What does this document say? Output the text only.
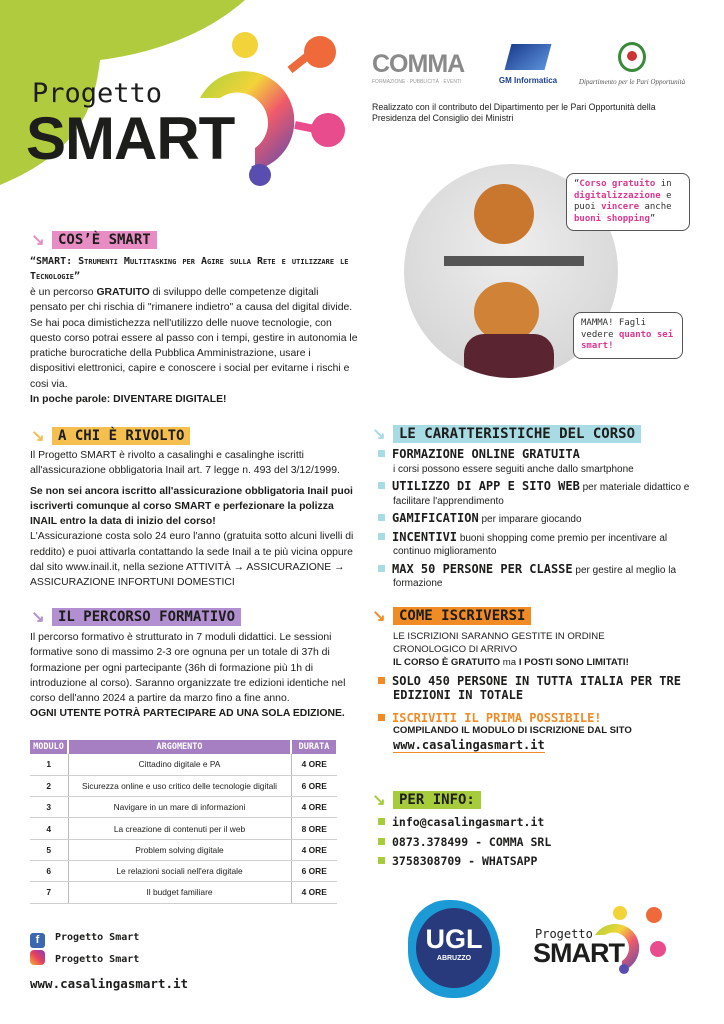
Progetto
SMART
COMMA
FORMAZIONE · PUBBLICITÀ · EVENTI	GM Informatica	Dipartimento per le Pari Opportunità
Realizzato con il contributo del Dipartimento per le Pari Opportunità della Presidenza del Consiglio dei Ministri
“Corso gratuito in digitalizzazione e puoi vincere anche buoni shopping”
MAMMA! Fagli vedere quanto sei smart!
↘ COS’È SMART
“SMART: Strumenti Multitasking per Agire sulla Rete e utilizzare le Tecnologie”
è un percorso GRATUITO di sviluppo delle competenze digitali pensato per chi rischia di "rimanere indietro" a causa del digital divide. Se hai poca dimistichezza nell'utilizzo delle nuove tecnologie, con questo corso potrai essere al passo con i tempi, gestire in autonomia le pratiche burocratiche della Pubblica Amministrazione, usare i dispositivi elettronici, capire e conoscere i social per evitarne i rischi e cosi via.
In poche parole: DIVENTARE DIGITALE!
↘ A CHI È RIVOLTO
Il Progetto SMART è rivolto a casalinghi e casalinghe iscritti all'assicurazione obbligatoria Inail art. 7 legge n. 493 del 3/12/1999.
Se non sei ancora iscritto all'assicurazione obbligatoria Inail puoi iscriverti comunque al corso SMART e perfezionare la polizza INAIL entro la data di inizio del corso!
L'Assicurazione costa solo 24 euro l'anno (gratuita sotto alcuni livelli di reddito) e puoi attivarla contattando la sede Inail a te più vicina oppure dal sito www.inail.it, nella sezione ATTIVITÀ → ASSICURAZIONE → ASSICURAZIONE INFORTUNI DOMESTICI
↘ LE CARATTERISTICHE DEL CORSO
FORMAZIONE ONLINE GRATUITA
i corsi possono essere seguiti anche dallo smartphone
UTILIZZO DI APP E SITO WEB per materiale didattico e facilitare l'apprendimento
GAMIFICATION per imparare giocando
INCENTIVI buoni shopping come premio per incentivare al continuo miglioramento
MAX 50 PERSONE PER CLASSE per gestire al meglio la formazione
↘ IL PERCORSO FORMATIVO
Il percorso formativo è strutturato in 7 moduli didattici. Le sessioni formative sono di massimo 2-3 ore ognuna per un totale di 37h di formazione per ogni partecipante (36h di formazione più 1h di introduzione al corso). Saranno organizzate tre edizioni identiche nel corso dell'anno 2024 a partire da marzo fino a fine anno.
OGNI UTENTE POTRÀ PARTECIPARE AD UNA SOLA EDIZIONE.
MODULO	ARGOMENTO	DURATA
1	Cittadino digitale e PA	4 ORE
2	Sicurezza online e uso critico delle tecnologie digitali	6 ORE
3	Navigare in un mare di informazioni	4 ORE
4	La creazione di contenuti per il web	8 ORE
5	Problem solving digitale	4 ORE
6	Le relazioni sociali nell'era digitale	6 ORE
7	Il budget familiare	4 ORE
↘ COME ISCRIVERSI
LE ISCRIZIONI SARANNO GESTITE IN ORDINE CRONOLOGICO DI ARRIVO
IL CORSO È GRATUITO ma I POSTI SONO LIMITATI!
SOLO 450 PERSONE IN TUTTA ITALIA PER TRE EDIZIONI IN TOTALE
ISCRIVITI IL PRIMA POSSIBILE!
COMPILANDO IL MODULO DI ISCRIZIONE DAL SITO
www.casalingasmart.it
↘ PER INFO:
info@casalingasmart.it
0873.378499 - COMMA SRL
3758308709 - WHATSAPP
f Progetto Smart
Progetto Smart
www.casalingasmart.it
UGL
ABRUZZO
Progetto
SMART
